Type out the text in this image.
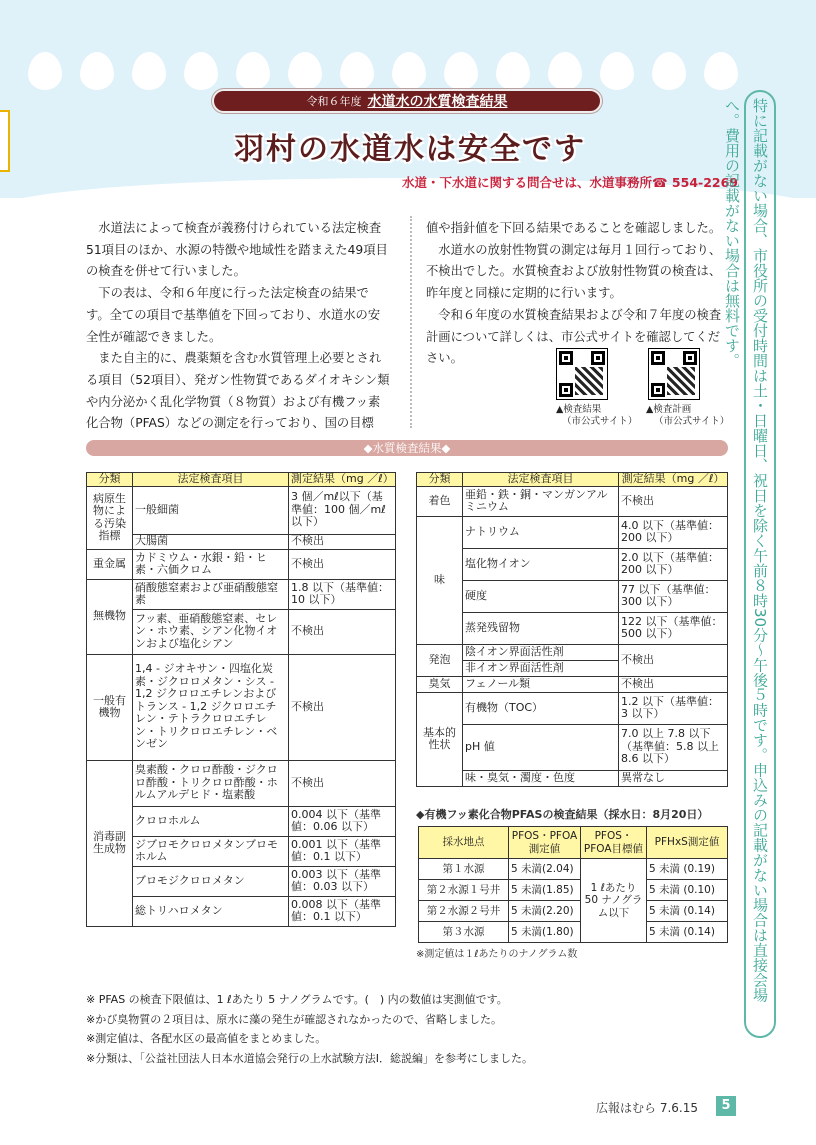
令和６年度 水道水の水質検査結果
羽村の水道水は安全です
水道・下水道に関する問合せは、水道事務所☎ 554-2269 特に記載がない場合、市役所の受付時間は土・日曜日、祝日を除く午前８時30分～午後５時です。申込みの記載がない場合は直接会場へ。費用の記載がない場合は無料です。

水道法によって検査が義務付けられている法定検査51項目のほか、水源の特徴や地域性を踏まえた49項目の検査を併せて行いました。

下の表は、令和６年度に行った法定検査の結果です。全ての項目で基準値を下回っており、水道水の安全性が確認できました。

また自主的に、農薬類を含む水質管理上必要とされる項目（52項目）、発ガン性物質であるダイオキシン類や内分泌かく乱化学物質（８物質）および有機フッ素化合物（PFAS）などの測定を行っており、国の目標

値や指針値を下回る結果であることを確認しました。

水道水の放射性物質の測定は毎月１回行っており、不検出でした。水質検査および放射性物質の検査は、昨年度と同様に定期的に行います。

令和６年度の水質検査結果および令和７年度の検査計画について詳しくは、市公式サイトを確認してください。

▲検査結果
（市公式サイト）
▲検査計画
（市公式サイト）
◆水質検査結果◆
分類	法定検査項目	測定結果（mg ／ℓ）
病原生物による汚染指標	一般細菌	3 個／mℓ以下（基準値：100 個／mℓ以下）
	大腸菌	不検出
重金属	カドミウム・水銀・鉛・ヒ素・六価クロム	不検出
無機物	硝酸態窒素および亜硝酸態窒素	1.8 以下（基準値：10 以下）
	フッ素、亜硝酸態窒素、セレン・ホウ素、シアン化物イオンおよび塩化シアン	不検出
一般有機物	1,4 - ジオキサン・四塩化炭素・ジクロロメタン・シス - 1,2 ジクロロエチレンおよびトランス - 1,2 ジクロロエチレン・テトラクロロエチレン・トリクロロエチレン・ベンゼン	不検出
消毒副生成物	臭素酸・クロロ酢酸・ジクロロ酢酸・トリクロロ酢酸・ホルムアルデヒド・塩素酸	不検出
	クロロホルム	0.004 以下（基準値：0.06 以下）
	ジブロモクロロメタンブロモホルム	0.001 以下（基準値：0.1 以下）
	ブロモジクロロメタン	0.003 以下（基準値：0.03 以下）
	総トリハロメタン	0.008 以下（基準値：0.1 以下）
分類	法定検査項目	測定結果（mg ／ℓ）
着色	亜鉛・鉄・銅・マンガンアルミニウム	不検出
味	ナトリウム	4.0 以下（基準値：200 以下）
	塩化物イオン	2.0 以下（基準値：200 以下）
	硬度	77 以下（基準値：300 以下）
	蒸発残留物	122 以下（基準値：500 以下）
発泡	陰イオン界面活性剤	不検出
	非イオン界面活性剤	
臭気	フェノール類	不検出
基本的性状	有機物（TOC）	1.2 以下（基準値：3 以下）
	pH 値	7.0 以上 7.8 以下（基準値：5.8 以上 8.6 以下）
	味・臭気・濁度・色度	異常なし
◆有機フッ素化合物PFASの検査結果（採水日：8月20日）
採水地点	PFOS・PFOA測定値	PFOS・PFOA目標値	PFHxS測定値
第１水源	5 未満(2.04)	1 ℓあたり 50 ナノグラム以下	5 未満 (0.19)
第２水源１号井	5 未満(1.85)		5 未満 (0.10)
第２水源２号井	5 未満(2.20)		5 未満 (0.14)
第３水源	5 未満(1.80)		5 未満 (0.14)
※測定値は１ℓあたりのナノグラム数
※ PFAS の検査下限値は、1 ℓあたり 5 ナノグラムです。(　) 内の数値は実測値です。
※かび臭物質の２項目は、原水に藻の発生が確認されなかったので、省略しました。
※測定値は、各配水区の最高値をまとめました。
※分類は、「公益社団法人日本水道協会発行の上水試験方法Ⅰ．総説編」を参考にしました。
広報はむら 7.6.15	5
